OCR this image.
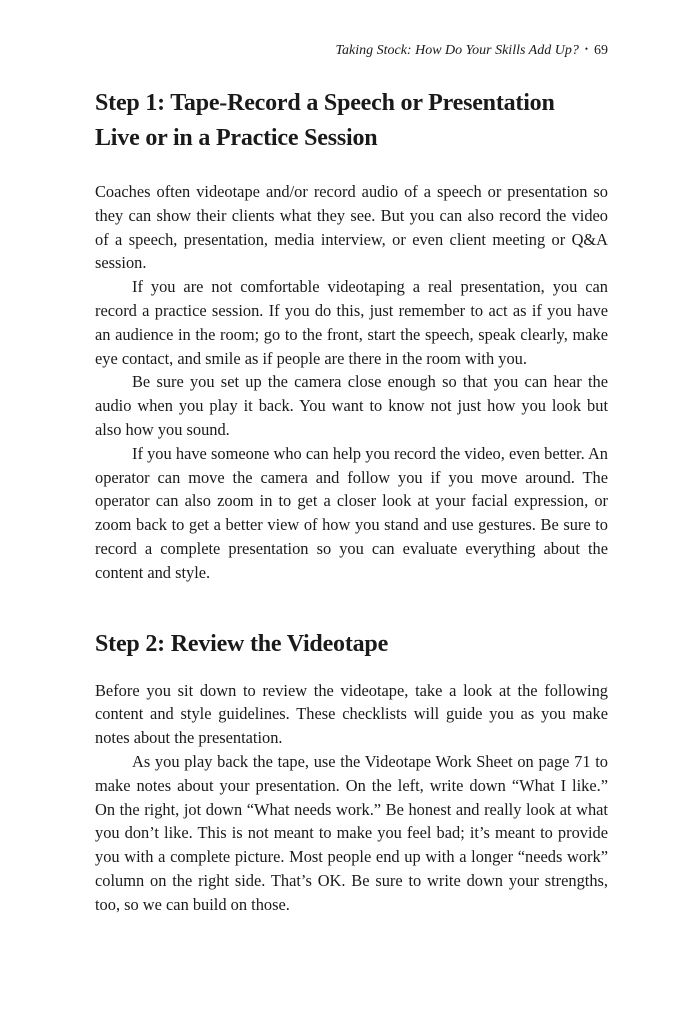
Taking Stock: How Do Your Skills Add Up? • 69
Step 1: Tape-Record a Speech or Presentation
Live or in a Practice Session

Coaches often videotape and/or record audio of a speech or presentation so they can show their clients what they see. But you can also record the video of a speech, presentation, media interview, or even client meeting or Q&A session.

If you are not comfortable videotaping a real presentation, you can record a practice session. If you do this, just remember to act as if you have an audience in the room; go to the front, start the speech, speak clearly, make eye contact, and smile as if people are there in the room with you.

Be sure you set up the camera close enough so that you can hear the audio when you play it back. You want to know not just how you look but also how you sound.

If you have someone who can help you record the video, even better. An operator can move the camera and follow you if you move around. The operator can also zoom in to get a closer look at your facial expression, or zoom back to get a better view of how you stand and use gestures. Be sure to record a complete presentation so you can evaluate everything about the content and style.

Step 2: Review the Videotape

Before you sit down to review the videotape, take a look at the following content and style guidelines. These checklists will guide you as you make notes about the presentation.

As you play back the tape, use the Videotape Work Sheet on page 71 to make notes about your presentation. On the left, write down “What I like.” On the right, jot down “What needs work.” Be honest and really look at what you don’t like. This is not meant to make you feel bad; it’s meant to provide you with a complete picture. Most people end up with a longer “needs work” column on the right side. That’s OK. Be sure to write down your strengths, too, so we can build on those.
